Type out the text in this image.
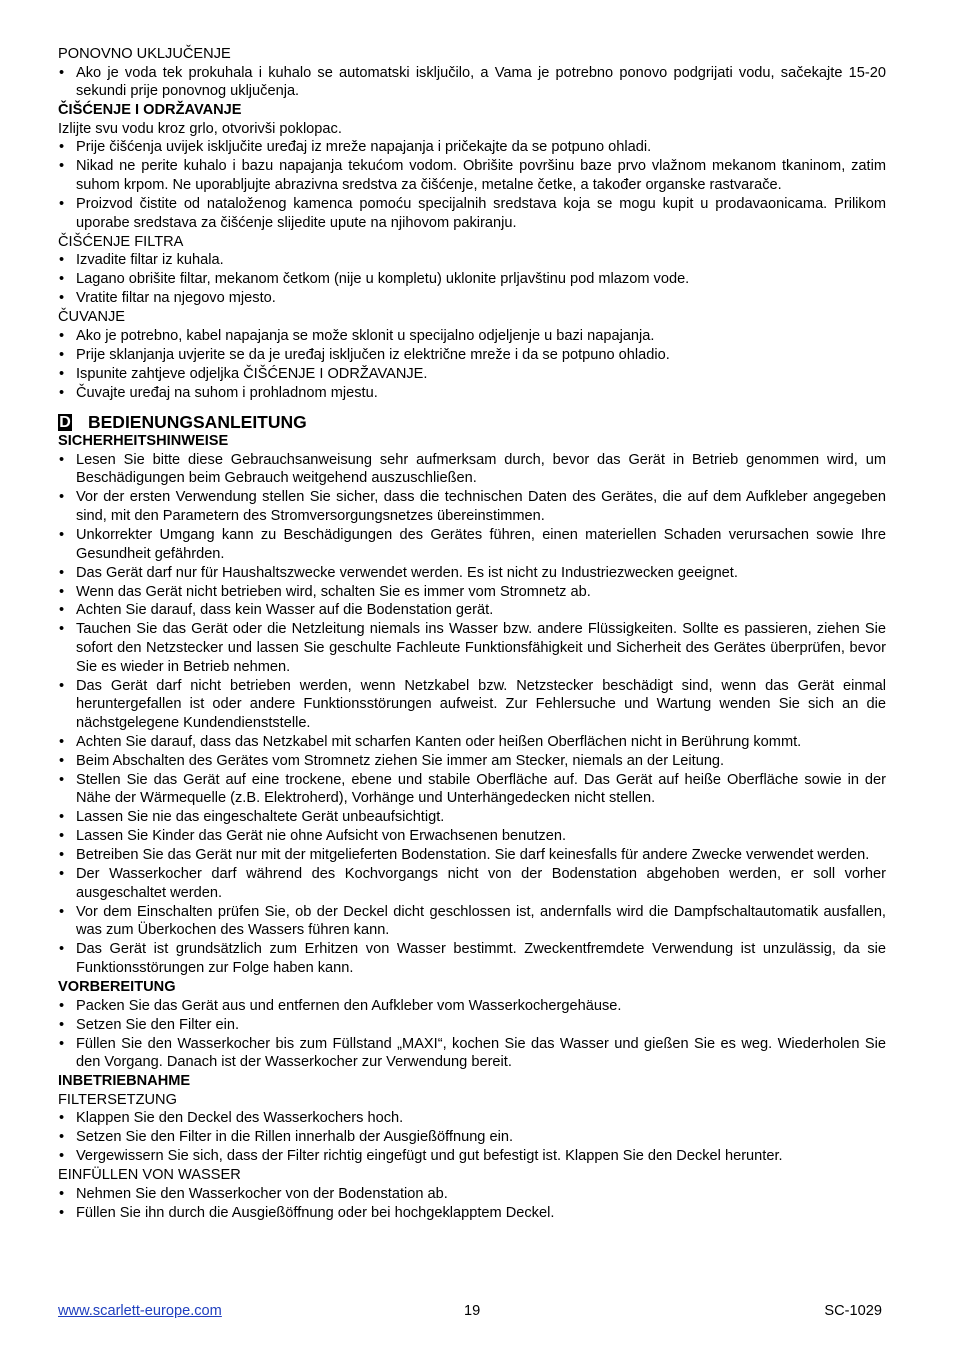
PONOVNO UKLJUČENJE

• Ako je voda tek prokuhala i kuhalo se automatski isključilo, a Vama je potrebno ponovo podgrijati vodu, sačekajte 15-20 sekundi prije ponovnog uključenja.

ČIŠĆENJE I ODRŽAVANJE

Izlijte svu vodu kroz grlo, otvorivši poklopac.

• Prije čišćenja uvijek isključite uređaj iz mreže napajanja i pričekajte da se potpuno ohladi.
• Nikad ne perite kuhalo i bazu napajanja tekućom vodom. Obrišite površinu baze prvo vlažnom mekanom tkaninom, zatim suhom krpom. Ne uporabljujte abrazivna sredstva za čišćenje, metalne četke, a također organske rastvarače.
• Proizvod čistite od nataloženog kamenca pomoću specijalnih sredstava koja se mogu kupit u prodavaonicama. Prilikom uporabe sredstava za čišćenje slijedite upute na njihovom pakiranju.

ČIŠĆENJE FILTRA

• Izvadite filtar iz kuhala.
• Lagano obrišite filtar, mekanom četkom (nije u kompletu) uklonite prljavštinu pod mlazom vode.
• Vratite filtar na njegovo mjesto.

ČUVANJE

• Ako je potrebno, kabel napajanja se može sklonit u specijalno odjeljenje u bazi napajanja.
• Prije sklanjanja uvjerite se da je uređaj isključen iz električne mreže i da se potpuno ohladio.
• Ispunite zahtjeve odjeljka ČIŠĆENJE I ODRŽAVANJE.
• Čuvajte uređaj na suhom i prohladnom mjestu.
D BEDIENUNGSANLEITUNG

SICHERHEITSHINWEISE

• Lesen Sie bitte diese Gebrauchsanweisung sehr aufmerksam durch, bevor das Gerät in Betrieb genommen wird, um Beschädigungen beim Gebrauch weitgehend auszuschließen.
• Vor der ersten Verwendung stellen Sie sicher, dass die technischen Daten des Gerätes, die auf dem Aufkleber angegeben sind, mit den Parametern des Stromversorgungsnetzes übereinstimmen.
• Unkorrekter Umgang kann zu Beschädigungen des Gerätes führen, einen materiellen Schaden verursachen sowie Ihre Gesundheit gefährden.
• Das Gerät darf nur für Haushaltszwecke verwendet werden. Es ist nicht zu Industriezwecken geeignet.
• Wenn das Gerät nicht betrieben wird, schalten Sie es immer vom Stromnetz ab.
• Achten Sie darauf, dass kein Wasser auf die Bodenstation gerät.
• Tauchen Sie das Gerät oder die Netzleitung niemals ins Wasser bzw. andere Flüssigkeiten. Sollte es passieren, ziehen Sie sofort den Netzstecker und lassen Sie geschulte Fachleute Funktionsfähigkeit und Sicherheit des Gerätes überprüfen, bevor Sie es wieder in Betrieb nehmen.
• Das Gerät darf nicht betrieben werden, wenn Netzkabel bzw. Netzstecker beschädigt sind, wenn das Gerät einmal heruntergefallen ist oder andere Funktionsstörungen aufweist. Zur Fehlersuche und Wartung wenden Sie sich an die nächstgelegene Kundendienststelle.
• Achten Sie darauf, dass das Netzkabel mit scharfen Kanten oder heißen Oberflächen nicht in Berührung kommt.
• Beim Abschalten des Gerätes vom Stromnetz ziehen Sie immer am Stecker, niemals an der Leitung.
• Stellen Sie das Gerät auf eine trockene, ebene und stabile Oberfläche auf. Das Gerät auf heiße Oberfläche sowie in der Nähe der Wärmequelle (z.B. Elektroherd), Vorhänge und Unterhängedecken nicht stellen.
• Lassen Sie nie das eingeschaltete Gerät unbeaufsichtigt.
• Lassen Sie Kinder das Gerät nie ohne Aufsicht von Erwachsenen benutzen.
• Betreiben Sie das Gerät nur mit der mitgelieferten Bodenstation. Sie darf keinesfalls für andere Zwecke verwendet werden.
• Der Wasserkocher darf während des Kochvorgangs nicht von der Bodenstation abgehoben werden, er soll vorher ausgeschaltet werden.
• Vor dem Einschalten prüfen Sie, ob der Deckel dicht geschlossen ist, andernfalls wird die Dampfschaltautomatik ausfallen, was zum Überkochen des Wassers führen kann.
• Das Gerät ist grundsätzlich zum Erhitzen von Wasser bestimmt. Zweckentfremdete Verwendung ist unzulässig, da sie Funktionsstörungen zur Folge haben kann.

VORBEREITUNG

• Packen Sie das Gerät aus und entfernen den Aufkleber vom Wasserkochergehäuse.
• Setzen Sie den Filter ein.
• Füllen Sie den Wasserkocher bis zum Füllstand „MAXI“, kochen Sie das Wasser und gießen Sie es weg. Wiederholen Sie den Vorgang. Danach ist der Wasserkocher zur Verwendung bereit.

INBETRIEBNAHME

FILTERSETZUNG

• Klappen Sie den Deckel des Wasserkochers hoch.
• Setzen Sie den Filter in die Rillen innerhalb der Ausgießöffnung ein.
• Vergewissern Sie sich, dass der Filter richtig eingefügt und gut befestigt ist. Klappen Sie den Deckel herunter.

EINFÜLLEN VON WASSER

• Nehmen Sie den Wasserkocher von der Bodenstation ab.
• Füllen Sie ihn durch die Ausgießöffnung oder bei hochgeklapptem Deckel.
www.scarlett-europe.com	19	SC-1029
